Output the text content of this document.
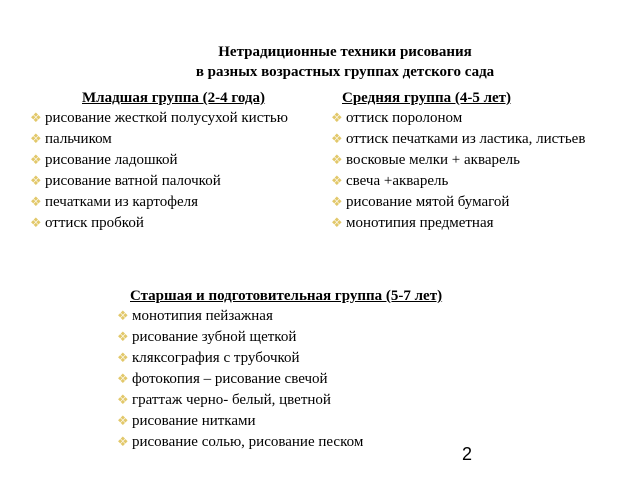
Нетрадиционные техники рисования
в разных возрастных группах детского сада
Младшая группа (2-4 года)
❖ рисование жесткой полусухой кистью
❖ пальчиком
❖ рисование ладошкой
❖ рисование ватной палочкой
❖ печатками из картофеля
❖ оттиск пробкой
Средняя группа (4-5 лет)
❖ оттиск поролоном
❖ оттиск печатками из ластика, листьев
❖ восковые мелки + акварель
❖ свеча +акварель
❖ рисование мятой бумагой
❖ монотипия предметная
Старшая и подготовительная группа (5-7 лет)
❖ монотипия пейзажная
❖ рисование зубной щеткой
❖ кляксография с трубочкой
❖ фотокопия – рисование свечой
❖ граттаж черно- белый, цветной
❖ рисование нитками
❖ рисование солью, рисование песком
2
